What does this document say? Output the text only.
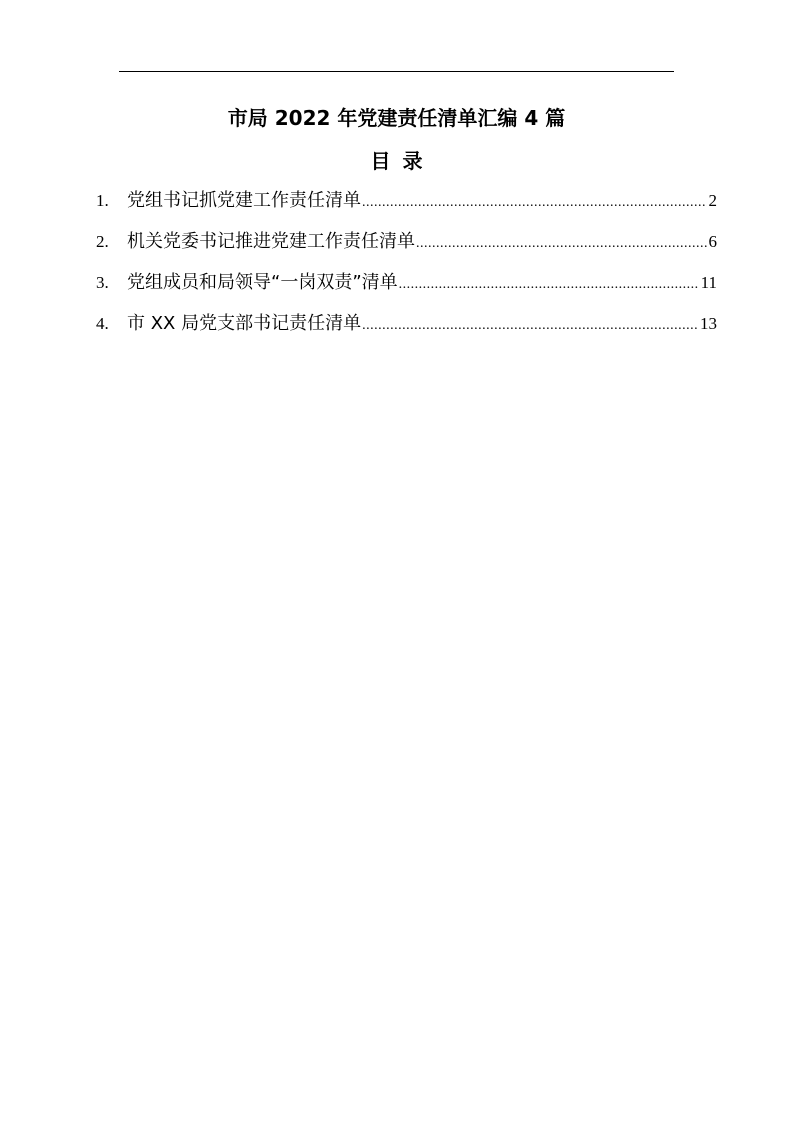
市局 2022 年党建责任清单汇编 4 篇
目录
1.	党组书记抓党建工作责任清单 .....	2
2.	机关党委书记推进党建工作责任清单 .....	6
3.	党组成员和局领导“一岗双责”清单 .....	11
4.	市 XX 局党支部书记责任清单 .....	13
